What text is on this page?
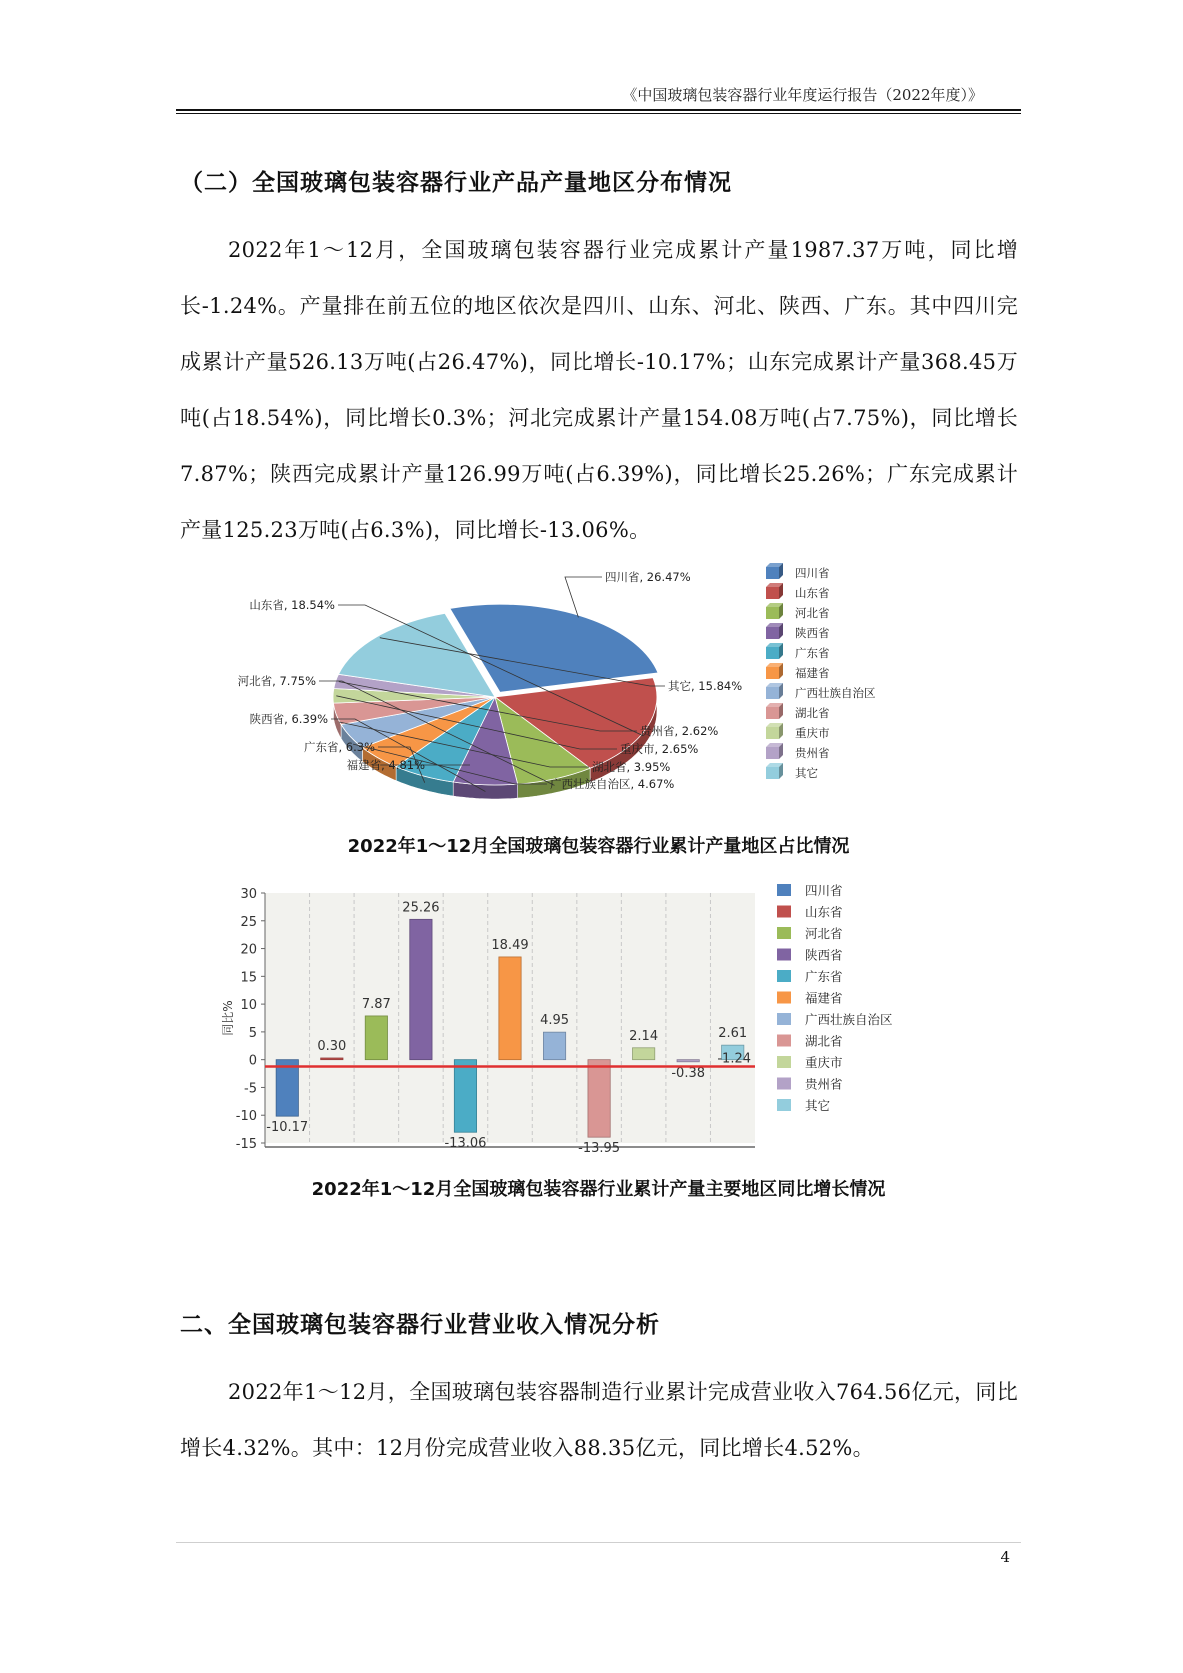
《中国玻璃包装容器行业年度运行报告（2022年度）》
（二）全国玻璃包装容器行业产品产量地区分布情况
2022年1～12月，全国玻璃包装容器行业完成累计产量1987.37万吨，同比增长-1.24%。产量排在前五位的地区依次是四川、山东、河北、陕西、广东。其中四川完成累计产量526.13万吨(占26.47%)，同比增长-10.17%；山东完成累计产量368.45万吨(占18.54%)，同比增长0.3%；河北完成累计产量154.08万吨(占7.75%)，同比增长7.87%；陕西完成累计产量126.99万吨(占6.39%)，同比增长25.26%；广东完成累计产量125.23万吨(占6.3%)，同比增长-13.06%。
四川省, 26.47%
山东省, 18.54%
河北省, 7.75%
陕西省, 6.39%
广东省, 6.3%
福建省, 4.81%
广西壮族自治区, 4.67%
湖北省, 3.95%
重庆市, 2.65%
贵州省, 2.62%
其它, 15.84%
四川省
山东省
河北省
陕西省
广东省
福建省
广西壮族自治区
湖北省
重庆市
贵州省
其它
2022年1～12月全国玻璃包装容器行业累计产量地区占比情况
30
25
20
15
10
5
0
-5
-10
-15
同比%
-10.17
0.30
7.87
25.26
-13.06
18.49
4.95
-13.95
2.14
-0.38
2.61
-1.24
四川省
山东省
河北省
陕西省
广东省
福建省
广西壮族自治区
湖北省
重庆市
贵州省
其它
2022年1～12月全国玻璃包装容器行业累计产量主要地区同比增长情况
二、全国玻璃包装容器行业营业收入情况分析
2022年1～12月，全国玻璃包装容器制造行业累计完成营业收入764.56亿元，同比增长4.32%。其中：12月份完成营业收入88.35亿元，同比增长4.52%。
4
